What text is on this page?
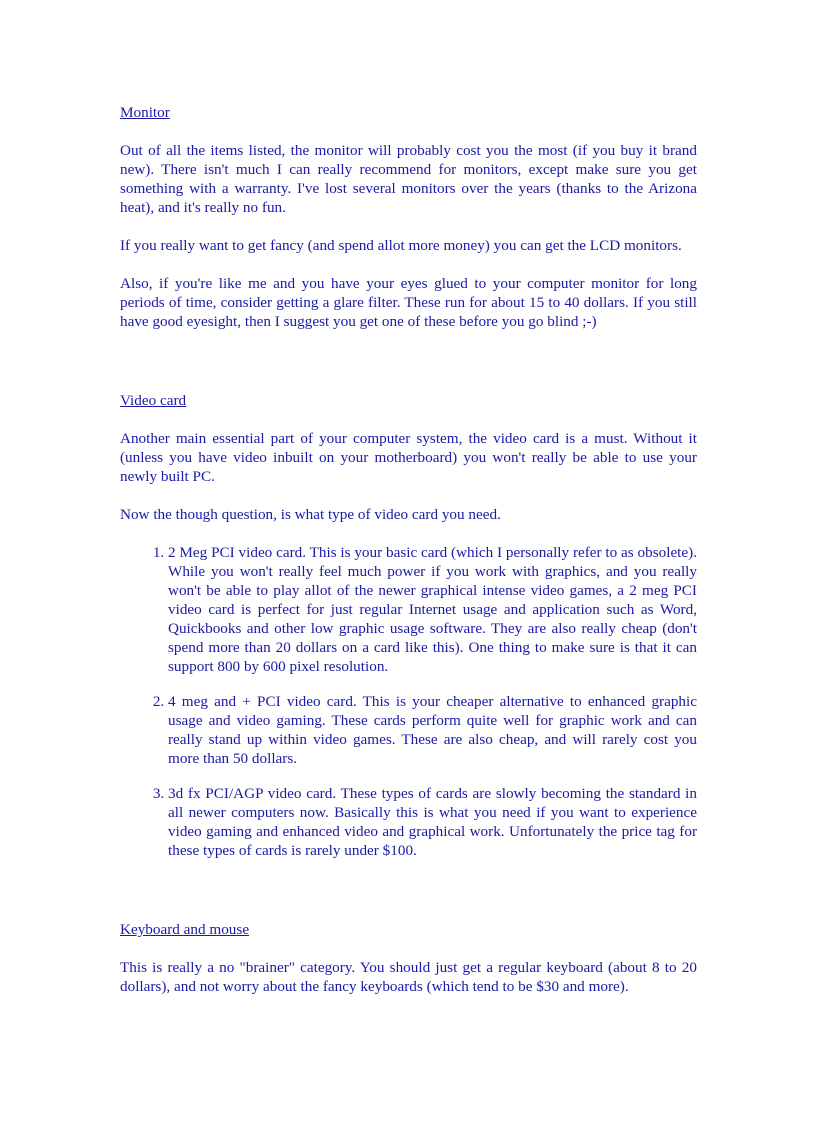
Monitor

Out of all the items listed, the monitor will probably cost you the most (if you buy it brand new). There isn't much I can really recommend for monitors, except make sure you get something with a warranty. I've lost several monitors over the years (thanks to the Arizona heat), and it's really no fun.

If you really want to get fancy (and spend allot more money) you can get the LCD monitors.

Also, if you're like me and you have your eyes glued to your computer monitor for long periods of time, consider getting a glare filter. These run for about 15 to 40 dollars. If you still have good eyesight, then I suggest you get one of these before you go blind ;-)

Video card

Another main essential part of your computer system, the video card is a must. Without it (unless you have video inbuilt on your motherboard) you won't really be able to use your newly built PC.

Now the though question, is what type of video card you need.

1. 2 Meg PCI video card. This is your basic card (which I personally refer to as obsolete). While you won't really feel much power if you work with graphics, and you really won't be able to play allot of the newer graphical intense video games, a 2 meg PCI video card is perfect for just regular Internet usage and application such as Word, Quickbooks and other low graphic usage software. They are also really cheap (don't spend more than 20 dollars on a card like this). One thing to make sure is that it can support 800 by 600 pixel resolution.
2. 4 meg and + PCI video card. This is your cheaper alternative to enhanced graphic usage and video gaming. These cards perform quite well for graphic work and can really stand up within video games. These are also cheap, and will rarely cost you more than 50 dollars.
3. 3d fx PCI/AGP video card. These types of cards are slowly becoming the standard in all newer computers now. Basically this is what you need if you want to experience video gaming and enhanced video and graphical work. Unfortunately the price tag for these types of cards is rarely under $100.
Keyboard and mouse

This is really a no "brainer" category. You should just get a regular keyboard (about 8 to 20 dollars), and not worry about the fancy keyboards (which tend to be $30 and more).
